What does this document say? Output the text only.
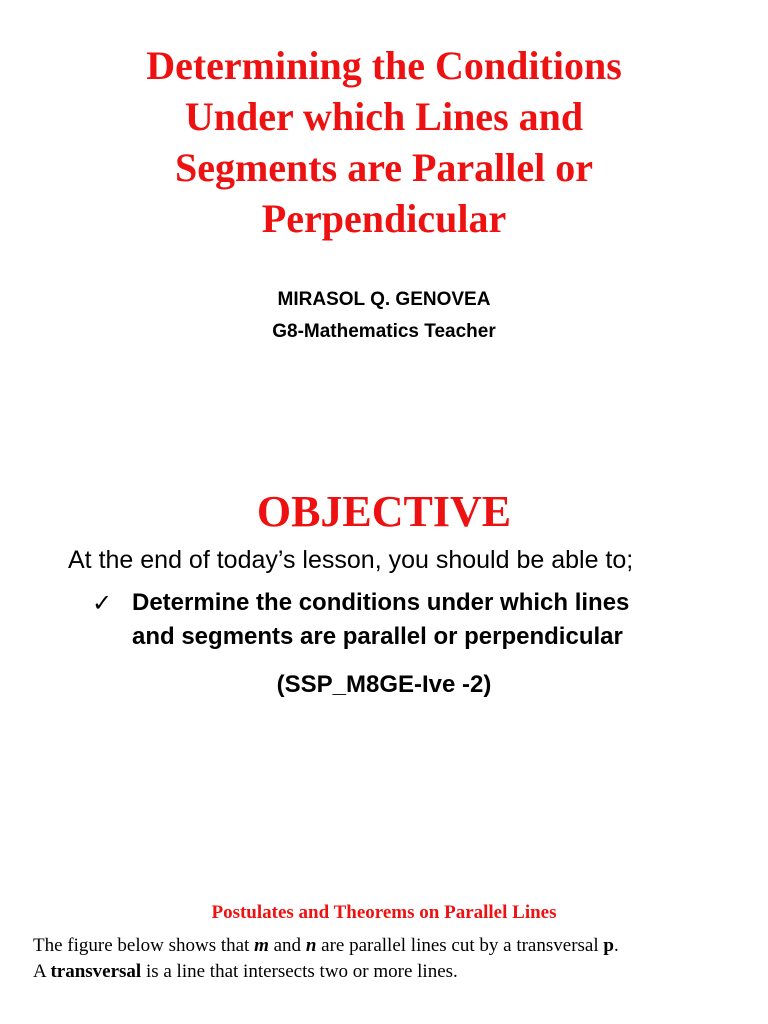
Determining the Conditions
Under which Lines and
Segments are Parallel or
Perpendicular
MIRASOL Q. GENOVEA
G8-Mathematics Teacher
OBJECTIVE
At the end of today’s lesson, you should be able to;
✓ Determine the conditions under which lines
and segments are parallel or perpendicular
(SSP_M8GE-Ive -2)
Postulates and Theorems on Parallel Lines
The figure below shows that m and n are parallel lines cut by a transversal p.
A transversal is a line that intersects two or more lines.
